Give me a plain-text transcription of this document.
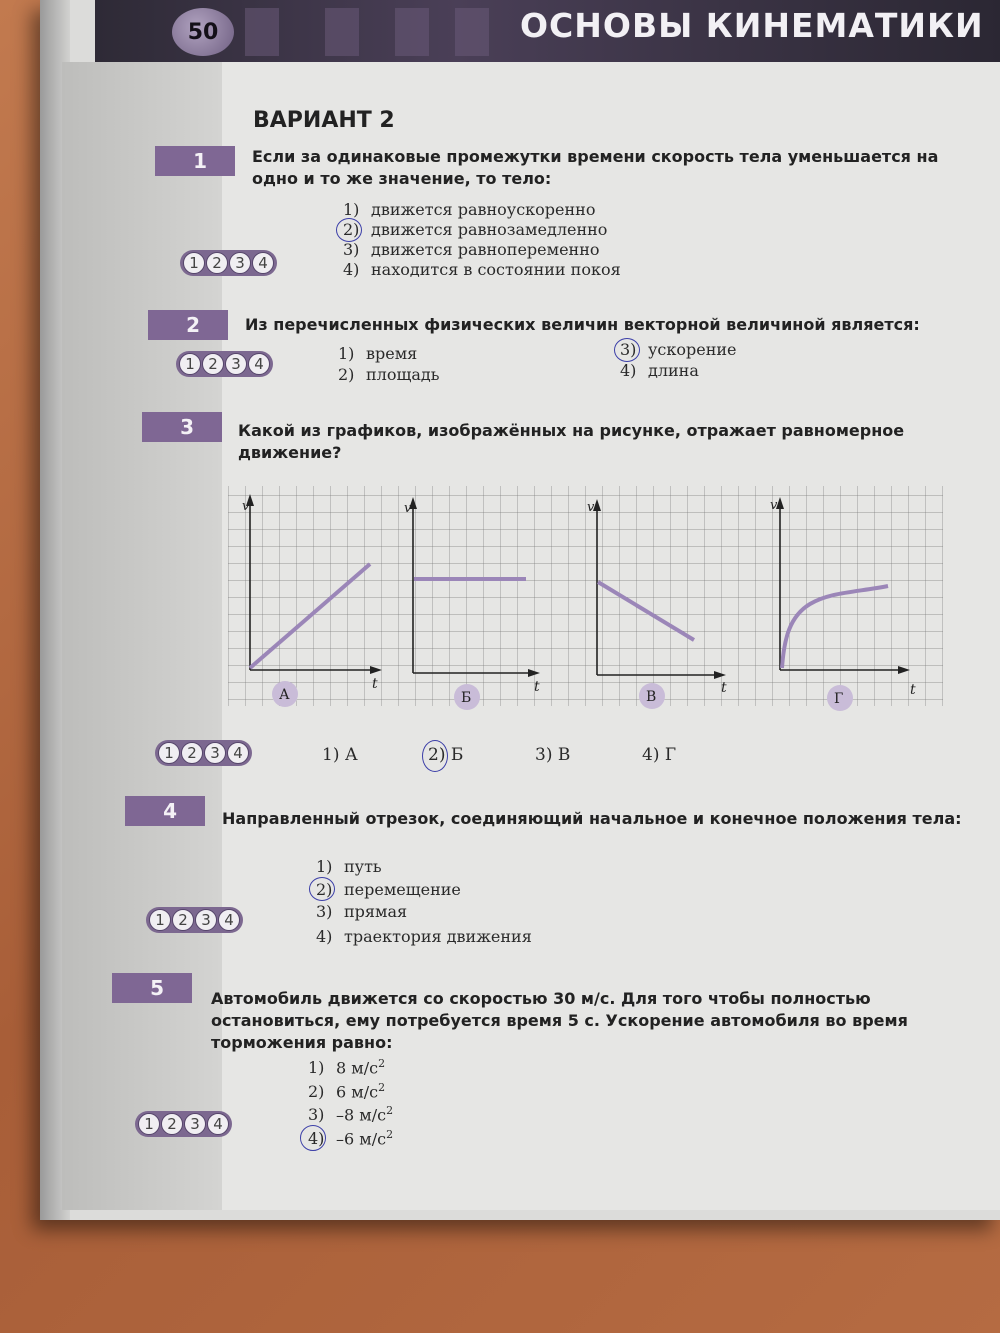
50	ОСНОВЫ КИНЕМАТИКИ
ВАРИАНТ 2
1	Если за одинаковые промежутки времени скорость тела уменьшается на одно и то же значение, то тело:
1) движется равноускоренно
2) движется равнозамедленно
3) движется равнопеременно
4) находится в состоянии покоя
1 2 3 4
2	Из перечисленных физических величин векторной величиной является:
1) время
2) площадь
3) ускорение
4) длина
1 2 3 4
3	Какой из графиков, изображённых на рисунке, отражает равномерное движение?
v
t
А
v
t
Б
v
t
В
v
t
Г
1 2 3 4	1) А	2) Б	3) В	4) Г
4	Направленный отрезок, соединяющий начальное и конечное положения тела:
1) путь
2) перемещение
3) прямая
4) траектория движения
1 2 3 4
5	Автомобиль движется со скоростью 30 м/с. Для того чтобы полностью остановиться, ему потребуется время 5 с. Ускорение автомобиля во время торможения равно:
1) 8 $м/с^2$
2) 6 $м/с^2$
3) –8 $м/с^2$
4) –6 $м/с^2$
1 2 3 4
